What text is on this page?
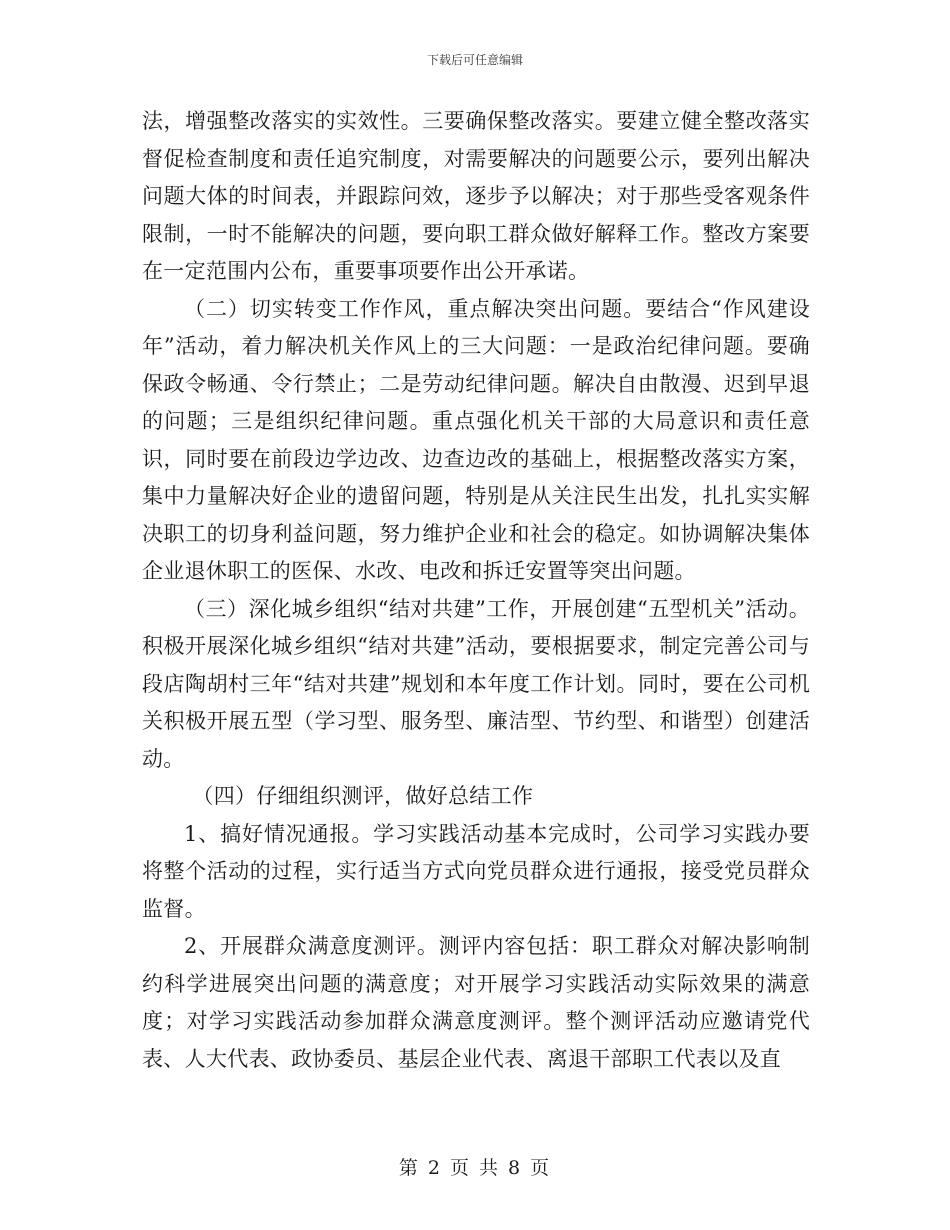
下载后可任意编辑

法，增强整改落实的实效性。三要确保整改落实。要建立健全整改落实督促检查制度和责任追究制度，对需要解决的问题要公示，要列出解决问题大体的时间表，并跟踪问效，逐步予以解决；对于那些受客观条件限制，一时不能解决的问题，要向职工群众做好解释工作。整改方案要在一定范围内公布，重要事项要作出公开承诺。

（二）切实转变工作作风，重点解决突出问题。要结合“作风建设年”活动，着力解决机关作风上的三大问题：一是政治纪律问题。要确保政令畅通、令行禁止；二是劳动纪律问题。解决自由散漫、迟到早退的问题；三是组织纪律问题。重点强化机关干部的大局意识和责任意识，同时要在前段边学边改、边查边改的基础上，根据整改落实方案，集中力量解决好企业的遗留问题，特别是从关注民生出发，扎扎实实解决职工的切身利益问题，努力维护企业和社会的稳定。如协调解决集体企业退休职工的医保、水改、电改和拆迁安置等突出问题。

（三）深化城乡组织“结对共建”工作，开展创建“五型机关”活动。积极开展深化城乡组织“结对共建”活动，要根据要求，制定完善公司与段店陶胡村三年“结对共建”规划和本年度工作计划。同时，要在公司机关积极开展五型（学习型、服务型、廉洁型、节约型、和谐型）创建活动。

（四）仔细组织测评，做好总结工作

1、搞好情况通报。学习实践活动基本完成时，公司学习实践办要将整个活动的过程，实行适当方式向党员群众进行通报，接受党员群众监督。

2、开展群众满意度测评。测评内容包括：职工群众对解决影响制约科学进展突出问题的满意度；对开展学习实践活动实际效果的满意度；对学习实践活动参加群众满意度测评。整个测评活动应邀请党代表、人大代表、政协委员、基层企业代表、离退干部职工代表以及直

第 2 页 共 8 页
